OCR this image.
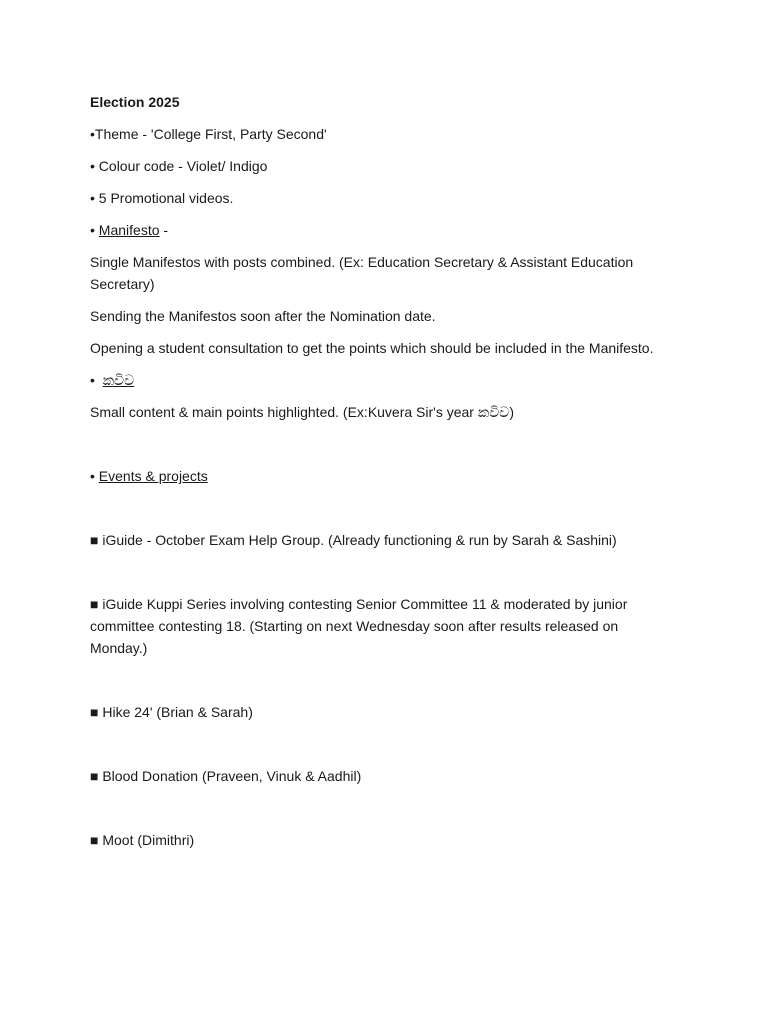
Election 2025

•Theme - 'College First, Party Second'

• Colour code - Violet/ Indigo

• 5 Promotional videos.

• Manifesto -

Single Manifestos with posts combined. (Ex: Education Secretary & Assistant Education Secretary)

Sending the Manifestos soon after the Nomination date.

Opening a student consultation to get the points which should be included in the Manifesto.

•  කවිව

Small content & main points highlighted. (Ex:Kuvera Sir's year කවිව)

• Events & projects

■ iGuide - October Exam Help Group. (Already functioning & run by Sarah & Sashini)

■ iGuide Kuppi Series involving contesting Senior Committee 11 & moderated by junior committee contesting 18. (Starting on next Wednesday soon after results released on Monday.)

■ Hike 24' (Brian & Sarah)

■ Blood Donation (Praveen, Vinuk & Aadhil)

■ Moot (Dimithri)
